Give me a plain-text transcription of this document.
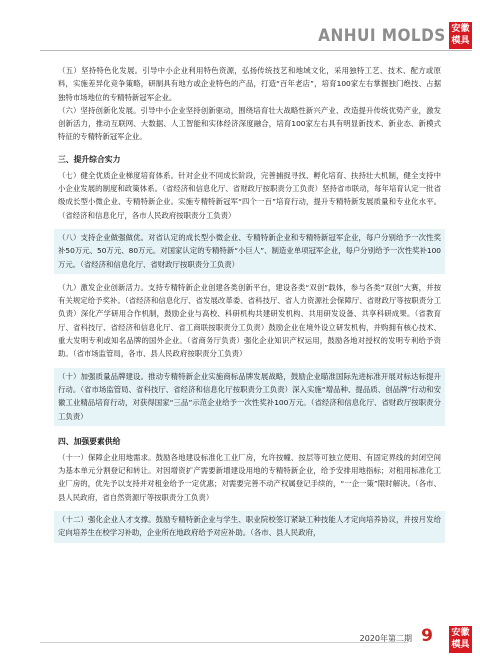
ANHUI MOLDS 安徽
模具

（五）坚持特色化发展。引导中小企业利用特色资源，弘扬传统技艺和地域文化，采用独特工艺、技术、配方或原料，实施差异化竞争策略，研制具有地方或企业特色的产品，打造“百年老店”，培育100家左右掌握独门绝技、占据独特市场地位的专精特新冠军企业。

（六）坚持创新化发展。引导中小企业坚持创新驱动，围绕培育壮大战略性新兴产业、改造提升传统优势产业，激发创新活力，推动互联网、大数据、人工智能和实体经济深度融合，培育100家左右具有明显新技术、新业态、新模式特征的专精特新冠军企业。

三、提升综合实力

（七）健全优质企业梯度培育体系。针对企业不同成长阶段，完善捕捉寻找、孵化培育、扶持壮大机制，健全支持中小企业发展的制度和政策体系。（省经济和信息化厅、省财政厅按职责分工负责）坚持省市联动，每年培育认定一批省级成长型小微企业、专精特新企业。实施专精特新冠军“四个一百”培育行动，提升专精特新发展质量和专业化水平。（省经济和信息化厅，各市人民政府按职责分工负责）

（八）支持企业做强做优。对省认定的成长型小微企业、专精特新企业和专精特新冠军企业，每户分别给予一次性奖补50万元、50万元、80万元。对国家认定的专精特新“小巨人”、制造业单项冠军企业，每户分别给予一次性奖补100万元。（省经济和信息化厅、省财政厅按职责分工负责）

（九）激发企业创新活力。支持专精特新企业创建各类创新平台，建设各类“双创”载体，参与各类“双创”大赛，并按有关规定给予奖补。（省经济和信息化厅、省发展改革委、省科技厅、省人力资源社会保障厅、省财政厅等按职责分工负责）深化产学研用合作机制，鼓励企业与高校、科研机构共建研发机构、共用研发设备、共享科研成果。（省教育厅、省科技厅、省经济和信息化厅、省工商联按职责分工负责）鼓励企业在境外设立研发机构，并购拥有核心技术、重大发明专利或知名品牌的国外企业。（省商务厅负责）强化企业知识产权运用，鼓励各地对授权的发明专利给予资助。（省市场监管局，各市、县人民政府按职责分工负责）

（十）加强质量品牌建设。推动专精特新企业实施商标品牌发展战略，鼓励企业瞄准国际先进标准开展对标达标提升行动。（省市场监管局、省科技厅、省经济和信息化厅按职责分工负责）深入实施“增品种、提品质、创品牌”行动和安徽工业精品培育行动，对获得国家“三品”示范企业给予一次性奖补100万元。（省经济和信息化厅、省财政厅按职责分工负责）

四、加强要素供给

（十一）保障企业用地需求。鼓励各地建设标准化工业厂房，允许按幢、按层等可独立使用、有固定界线的封闭空间为基本单元分割登记和转让。对因增资扩产需要新增建设用地的专精特新企业，给予安排用地指标；对租用标准化工业厂房的，优先予以支持并对租金给予一定优惠；对需要完善不动产权属登记手续的，“一企一策”限时解决。（各市、县人民政府，省自然资源厅等按职责分工负责）

（十二）强化企业人才支撑。鼓励专精特新企业与学生、职业院校签订紧缺工种技能人才定向培养协议，并按月发给定向培养生在校学习补助，企业所在地政府给予对应补助。（各市、县人民政府，

2020年第二期 9 安徽
模具
